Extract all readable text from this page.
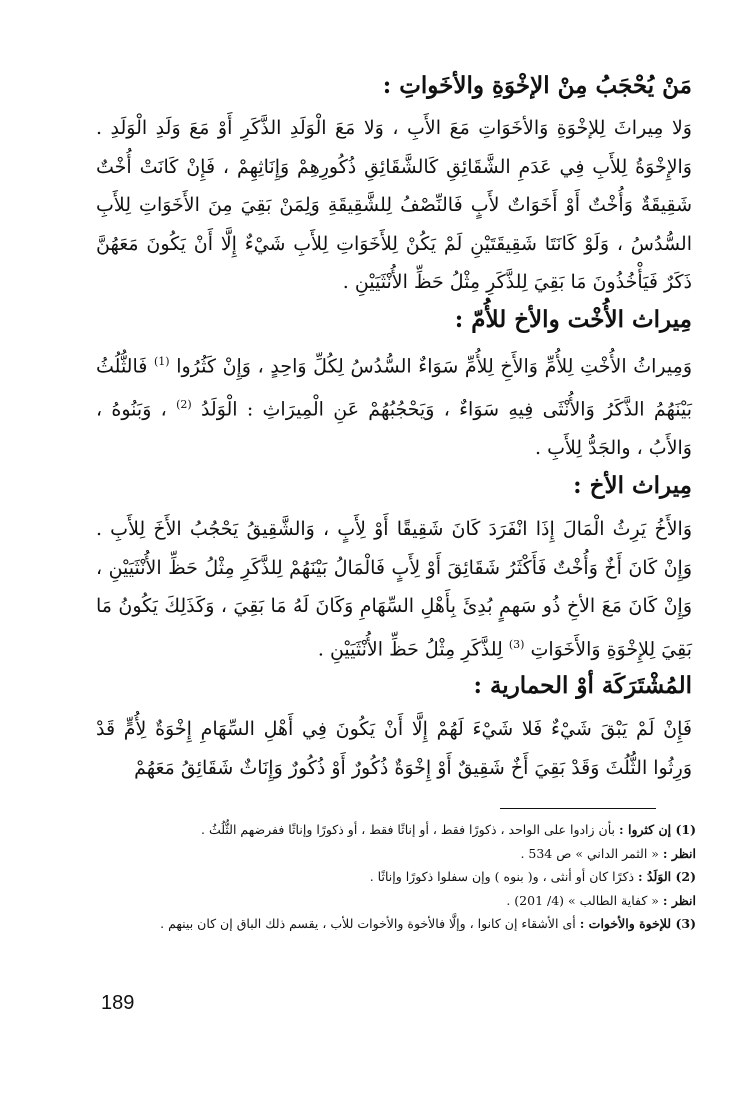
مَنْ يُحْجَبُ مِنْ الإخْوَةِ والأخَواتِ :

وَلا مِيراثَ لِلإخْوَةِ وَالأخَوَاتِ مَعَ الأَبِ ، وَلا مَعَ الْوَلَدِ الذَّكَرِ أَوْ مَعَ وَلَدِ الْوَلَدِ . وَالإِخْوَةُ لِلأَبِ فِي عَدَمِ الشَّقَائِقِ كَالشَّقَائِقِ ذُكُورِهِمْ وَإِنَاثِهِمْ ، فَإِنْ كَانَتْ أُخْتٌ شَقِيقَةٌ وَأُخْتٌ أَوْ أَخَوَاتٌ لأَبٍ فَالنِّصْفُ لِلشَّقِيقَةِ وَلِمَنْ بَقِيَ مِنَ الأَخَوَاتِ لِلأَبِ السُّدُسُ ، وَلَوْ كَانَتَا شَقِيقَتَيْنِ لَمْ يَكُنْ لِلأَخَوَاتِ لِلأَبِ شَيْءٌ إِلَّا أَنْ يَكُونَ مَعَهُنَّ ذَكَرٌ فَيَأْخُذُونَ مَا بَقِيَ لِلذَّكَرِ مِثْلُ حَظِّ الأُنْثَيَيْنِ .

مِيراث الأُخْت والأخ للأُمّ :

وَمِيراثُ الأُخْتِ لِلأُمِّ وَالأَخِ لِلأُمِّ سَوَاءٌ السُّدُسُ لِكُلِّ وَاحِدٍ ، وَإِنْ كَثُرُوا $^{(1)}$ فَالثُّلُثُ بَيْنَهُمُ الذَّكَرُ وَالأُنْثَى فِيهِ سَوَاءٌ ، وَيَحْجُبُهُمْ عَنِ الْمِيرَاثِ : الْوَلَدُ $^{(2)}$ ، وَبَنُوهُ ، وَالأَبُ ، والجَدُّ لِلأَبِ .

مِيراث الأخ :

وَالأَخُ يَرِثُ الْمَالَ إِذَا انْفَرَدَ كَانَ شَقِيقًا أَوْ لِأَبٍ ، وَالشَّقِيقُ يَحْجُبُ الأَخَ لِلأَبِ . وَإِنْ كَانَ أَخٌ وَأُخْتٌ فَأَكْثَرُ شَقَائِقَ أَوْ لِأَبٍ فَالْمَالُ بَيْنَهُمْ لِلذَّكَرِ مِثْلُ حَظِّ الأُنْثَيَيْنِ ، وَإِنْ كَانَ مَعَ الأخِ ذُو سَهمٍ بُدِئَ بِأَهْلِ السِّهَامِ وَكَانَ لَهُ مَا بَقِيَ ، وَكَذَلِكَ يَكُونُ مَا بَقِيَ لِلإِخْوَةِ وَالأَخَوَاتِ $^{(3)}$ لِلذَّكَرِ مِثْلُ حَظِّ الأُنْثَيَيْنِ .

المُشْتَرَكَة أوْ الحمارية :

فَإِنْ لَمْ يَبْقَ شَيْءٌ فَلا شَيْءَ لَهُمْ إِلَّا أَنْ يَكُونَ فِي أَهْلِ السِّهَامِ إِخْوَةٌ لِأُمٍّ قَدْ وَرِثُوا الثُّلُثَ وَقَدْ بَقِيَ أَخٌ شَقِيقٌ أَوْ إِخْوَةٌ ذُكُورٌ أَوْ ذُكُورٌ وَإِنَاثٌ شَقَائِقُ مَعَهُمْ

(1) إن كثروا : بأن زادوا على الواحد ، ذكورًا فقط ، أو إناثًا فقط ، أو ذكورًا وإناثًا ففرضهم الثُّلُثُ .

انظر : « الثمر الداني » ص 534 .

(2) الوَلَدُ : ذكرًا كان أو أنثى ، و( بنوه ) وإن سفلوا ذكورًا وإناثًا .

انظر : « كفاية الطالب » (4/ 201) .

(3) للإخوة والأخوات : أى الأشقاء إن كانوا ، وإلَّا فالأخوة والأخوات للأب ، يقسم ذلك الباق إن كان بينهم .

189
